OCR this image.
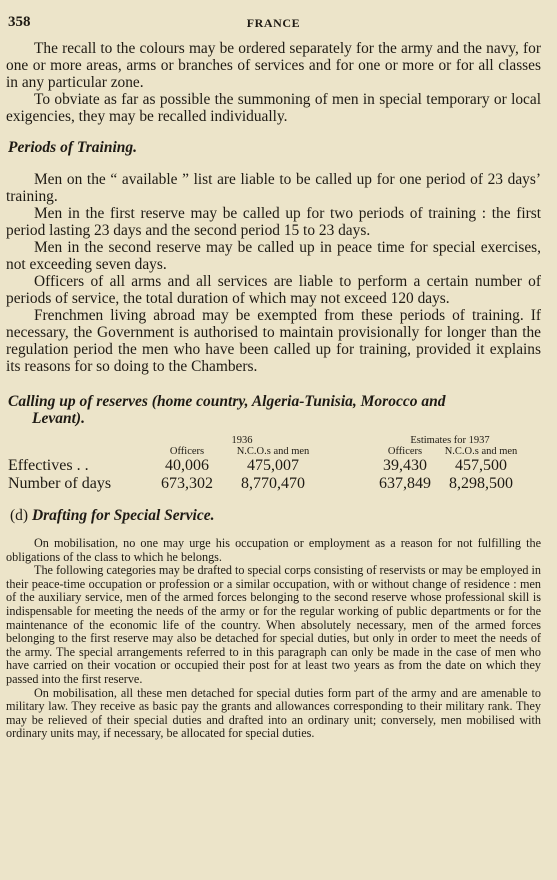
358	FRANCE

The recall to the colours may be ordered separately for the army and the navy, for one or more areas, arms or branches of services and for one or more or for all classes in any particular zone.

To obviate as far as possible the summoning of men in special temporary or local exigencies, they may be recalled individually.

Periods of Training.

Men on the “ available ” list are liable to be called up for one period of 23 days’ training.

Men in the first reserve may be called up for two periods of training : the first period lasting 23 days and the second period 15 to 23 days.

Men in the second reserve may be called up in peace time for special exercises, not exceeding seven days.

Officers of all arms and all services are liable to perform a certain number of periods of service, the total duration of which may not exceed 120 days.

Frenchmen living abroad may be exempted from these periods of training. If necessary, the Government is authorised to maintain provisionally for longer than the regulation period the men who have been called up for training, provided it explains its reasons for so doing to the Chambers.

Calling up of reserves (home country, Algeria-Tunisia, Morocco and
Levant).
	1936			Estimates for 1937	
	Officers	N.C.O.s and men		Officers	N.C.O.s and men
Effectives . .	40,006	475,007		39,430	457,500
Number of days	673,302	8,770,470		637,849	8,298,500
(d) Drafting for Special Service.

On mobilisation, no one may urge his occupation or employment as a reason for not fulfilling the obligations of the class to which he belongs.

The following categories may be drafted to special corps consisting of reservists or may be employed in their peace-time occupation or profession or a similar occupation, with or without change of residence : men of the auxiliary service, men of the armed forces belonging to the second reserve whose professional skill is indispensable for meeting the needs of the army or for the regular working of public departments or for the maintenance of the economic life of the country. When absolutely necessary, men of the armed forces belonging to the first reserve may also be detached for special duties, but only in order to meet the needs of the army. The special arrangements referred to in this paragraph can only be made in the case of men who have carried on their vocation or occupied their post for at least two years as from the date on which they passed into the first reserve.

On mobilisation, all these men detached for special duties form part of the army and are amenable to military law. They receive as basic pay the grants and allowances corresponding to their military rank. They may be relieved of their special duties and drafted into an ordinary unit; conversely, men mobilised with ordinary units may, if necessary, be allocated for special duties.
